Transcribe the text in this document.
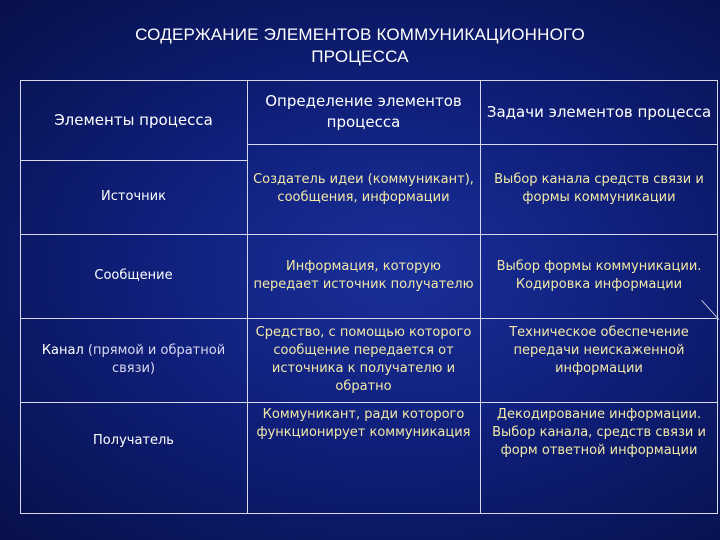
СОДЕРЖАНИЕ ЭЛЕМЕНТОВ КОММУНИКАЦИОННОГО
ПРОЦЕССА
Элементы процесса
Определение элементов процесса
Задачи элементов процесса
Источник
Создатель идеи (коммуникант), сообщения, информации
Выбор канала средств связи и формы коммуникации
Сообщение
Информация, которую передает источник получателю
Выбор формы коммуникации. Кодировка информации
Канал (прямой и обратной связи)
Средство, с помощью которого сообщение передается от источника к получателю и обратно
Техническое обеспечение передачи неискаженной информации
Получатель
Коммуникант, ради которого функционирует коммуникация
Декодирование информации. Выбор канала, средств связи и форм ответной информации
